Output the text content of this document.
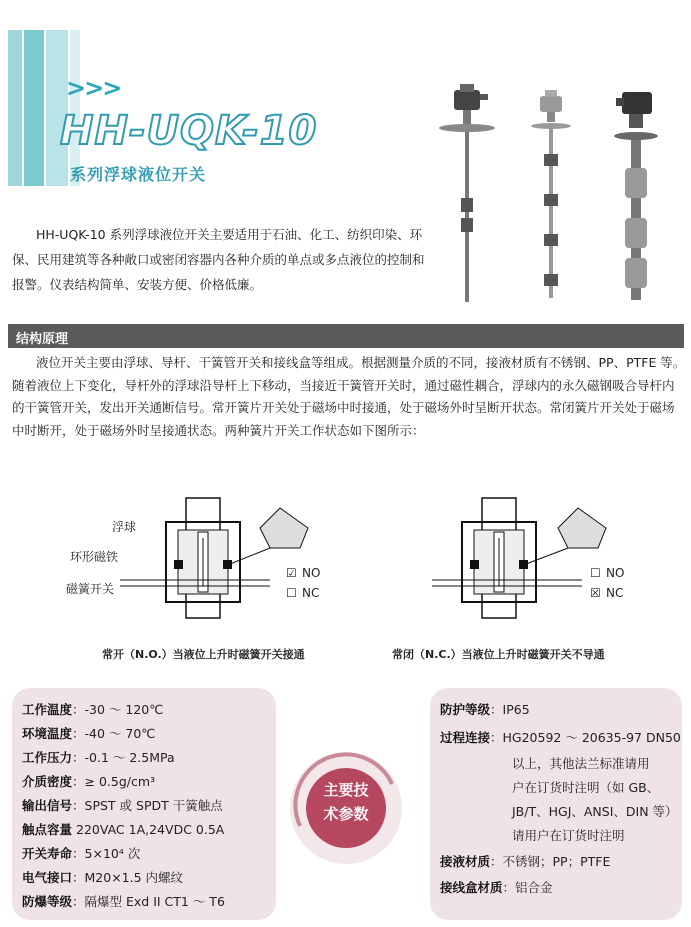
>>>
HH-UQK-10
系列浮球液位开关
HH-UQK-10 系列浮球液位开关主要适用于石油、化工、纺织印染、环保、民用建筑等各种敞口或密闭容器内各种介质的单点或多点液位的控制和报警。仪表结构简单、安装方便、价格低廉。
结构原理
液位开关主要由浮球、导杆、干簧管开关和接线盒等组成。根据测量介质的不同，接液材质有不锈钢、PP、PTFE 等。随着液位上下变化，导杆外的浮球沿导杆上下移动，当接近干簧管开关时，通过磁性耦合，浮球内的永久磁钢吸合导杆内的干簧管开关，发出开关通断信号。常开簧片开关处于磁场中时接通，处于磁场外时呈断开状态。常闭簧片开关处于磁场中时断开，处于磁场外时呈接通状态。两种簧片开关工作状态如下图所示：
浮球
环形磁铁
磁簧开关
☑ NO
☐ NC
常开（N.O.）当液位上升时磁簧开关接通
☐ NO
☒ NC
常闭（N.C.）当液位上升时磁簧开关不导通
工作温度：-30 ～ 120℃
环境温度：-40 ～ 70℃
工作压力：-0.1 ～ 2.5MPa
介质密度：≥ 0.5g/cm³
输出信号：SPST 或 SPDT 干簧触点
触点容量 220VAC 1A,24VDC 0.5A
开关寿命：5×10⁴ 次
电气接口：M20×1.5 内螺纹
防爆等级：隔爆型 Exd II CT1 ～ T6
主要技
术参数
防护等级：IP65
过程连接：HG20592 ～ 20635-97 DN50
以上，其他法兰标准请用
户在订货时注明（如 GB、
JB/T、HGJ、ANSI、DIN 等）
请用户在订货时注明
接液材质：不锈钢；PP；PTFE
接线盒材质：铝合金
